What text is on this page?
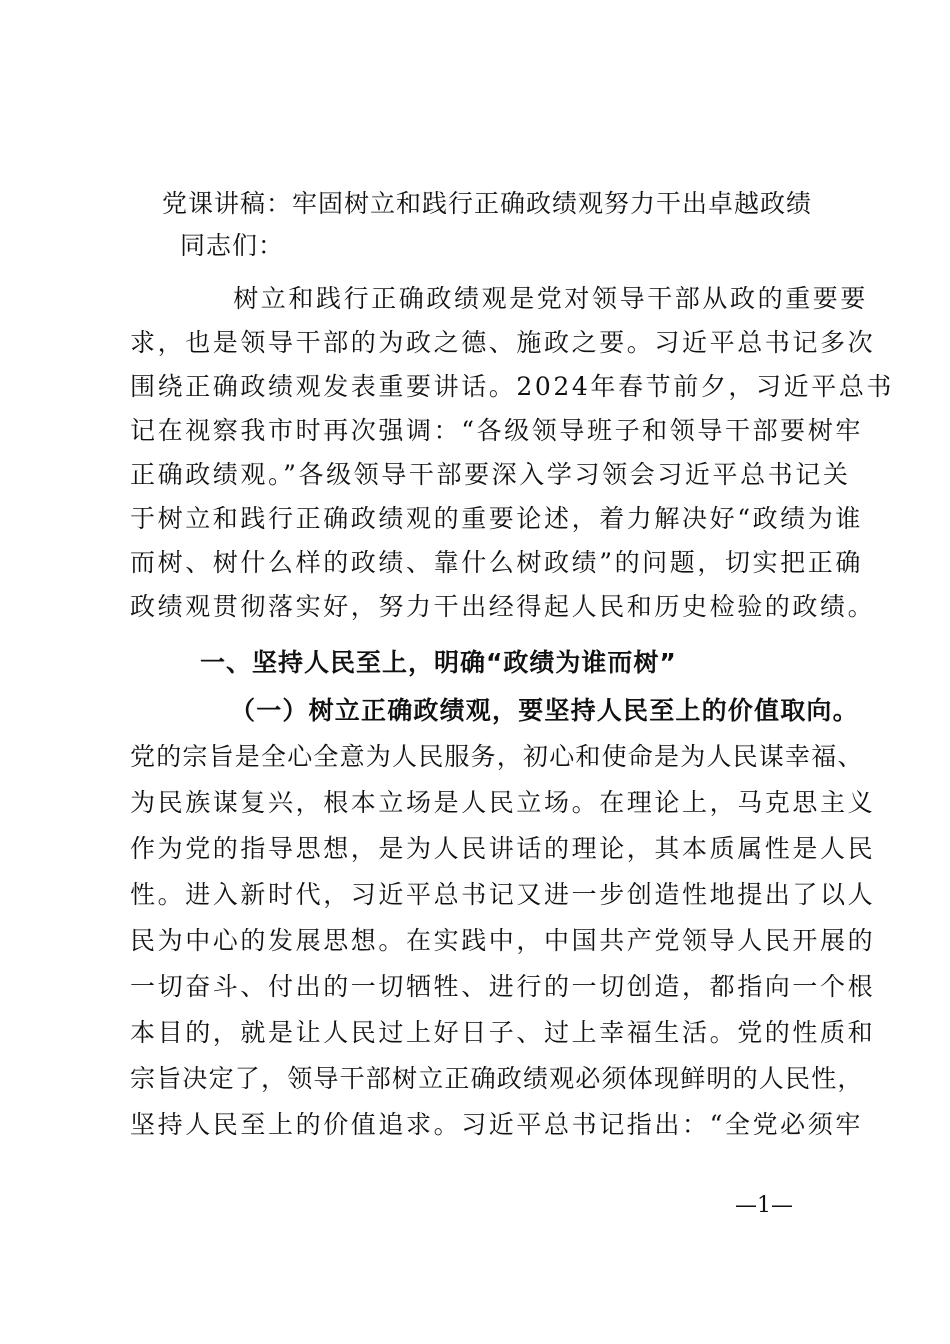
党课讲稿：牢固树立和践行正确政绩观努力干出卓越政绩
同志们：
　　树立和践行正确政绩观是党对领导干部从政的重要要
求，也是领导干部的为政之德、施政之要。习近平总书记多次
围绕正确政绩观发表重要讲话。2024年春节前夕，习近平总书
记在视察我市时再次强调：“各级领导班子和领导干部要树牢
正确政绩观。”各级领导干部要深入学习领会习近平总书记关
于树立和践行正确政绩观的重要论述，着力解决好“政绩为谁
而树、树什么样的政绩、靠什么树政绩”的问题，切实把正确
政绩观贯彻落实好，努力干出经得起人民和历史检验的政绩。
一、坚持人民至上，明确“政绩为谁而树”
（一）树立正确政绩观，要坚持人民至上的价值取向。
党的宗旨是全心全意为人民服务，初心和使命是为人民谋幸福、
为民族谋复兴，根本立场是人民立场。在理论上，马克思主义
作为党的指导思想，是为人民讲话的理论，其本质属性是人民
性。进入新时代，习近平总书记又进一步创造性地提出了以人
民为中心的发展思想。在实践中，中国共产党领导人民开展的
一切奋斗、付出的一切牺牲、进行的一切创造，都指向一个根
本目的，就是让人民过上好日子、过上幸福生活。党的性质和
宗旨决定了，领导干部树立正确政绩观必须体现鲜明的人民性，
坚持人民至上的价值追求。习近平总书记指出：“全党必须牢
—1—
